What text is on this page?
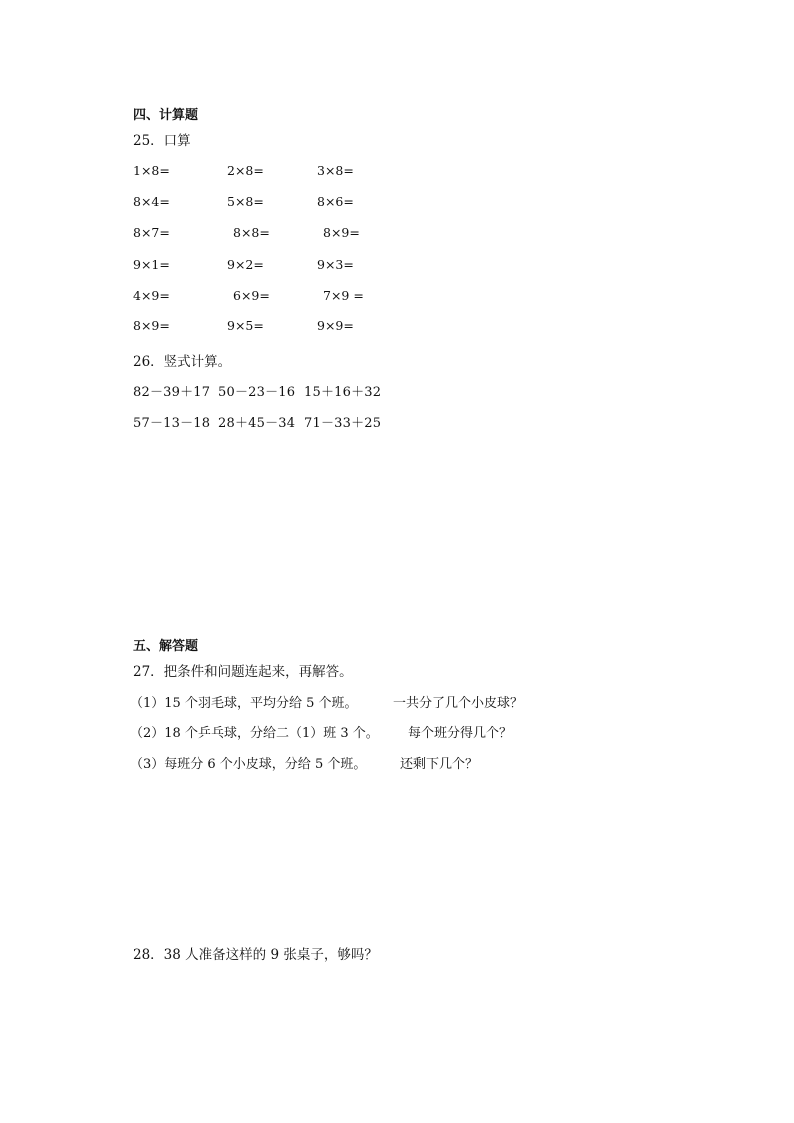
四、计算题
25．口算
1×8=	2×8=	3×8=
8×4=	5×8=	8×6=
8×7=	8×8=	8×9=
9×1=	9×2=	9×3=
4×9=	6×9=	7×9 =
8×9=	9×5=	9×9=
26．竖式计算。
82－39＋17 50－23－16 15＋16＋32
57－13－18 28＋45－34 71－33＋25
五、解答题
27．把条件和问题连起来，再解答。
（1）15 个羽毛球，平均分给 5 个班。	一共分了几个小皮球？
（2）18 个乒乓球，分给二（1）班 3 个。 每个班分得几个？
（3）每班分 6 个小皮球，分给 5 个班。	还剩下几个？
28．38 人准备这样的 9 张桌子，够吗？
